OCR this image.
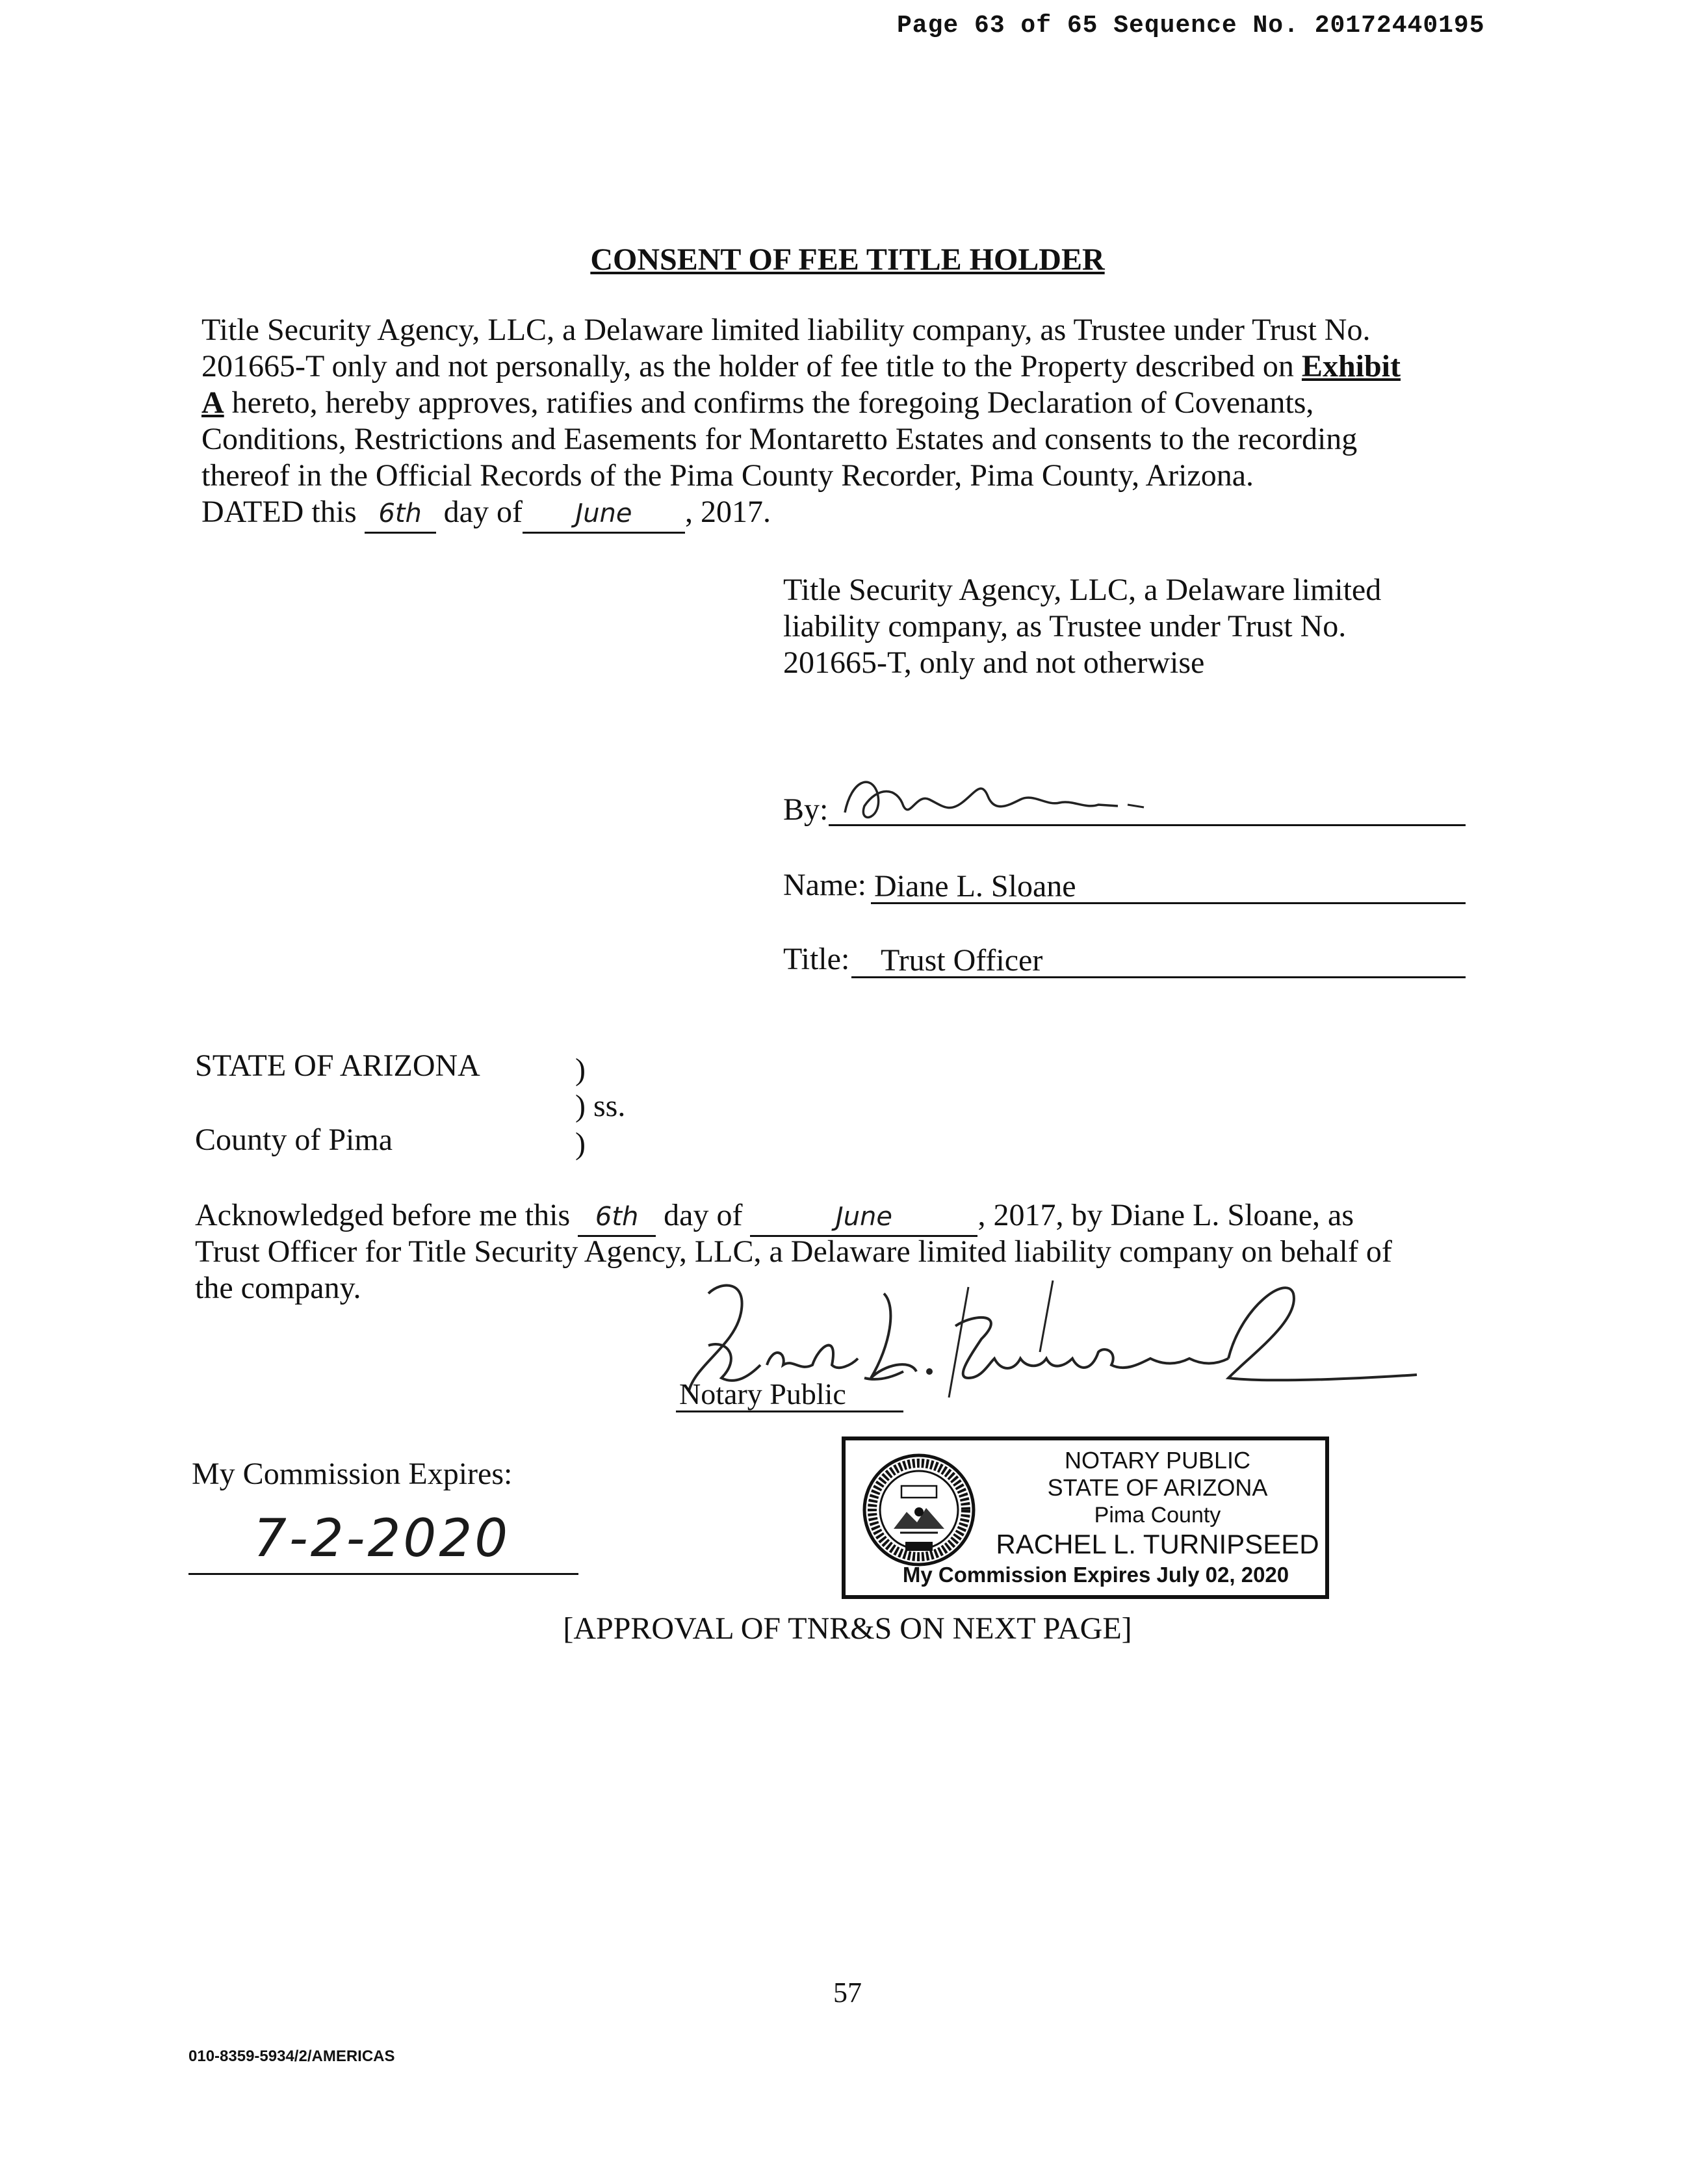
Page 63 of 65 Sequence No. 20172440195
CONSENT OF FEE TITLE HOLDER
Title Security Agency, LLC, a Delaware limited liability company, as Trustee under Trust No.
201665-T only and not personally, as the holder of fee title to the Property described on Exhibit
A hereto, hereby approves, ratifies and confirms the foregoing Declaration of Covenants,
Conditions, Restrictions and Easements for Montaretto Estates and consents to the recording
thereof in the Official Records of the Pima County Recorder, Pima County, Arizona.
DATED this 6th day of June , 2017.
Title Security Agency, LLC, a Delaware limited
liability company, as Trustee under Trust No.
201665-T, only and not otherwise
By:
Name: Diane L. Sloane
Title: Trust Officer
STATE OF ARIZONA	)
) ss.
County of Pima	)
Acknowledged before me this 6th day of	June	, 2017, by Diane L. Sloane, as
Trust Officer for Title Security Agency, LLC, a Delaware limited liability company on behalf of
the company.
Notary Public
My Commission Expires:
7-2-2020
NOTARY PUBLIC
STATE OF ARIZONA
Pima County
RACHEL L. TURNIPSEED
My Commission Expires July 02, 2020
[APPROVAL OF TNR&S ON NEXT PAGE]
57
010-8359-5934/2/AMERICAS
